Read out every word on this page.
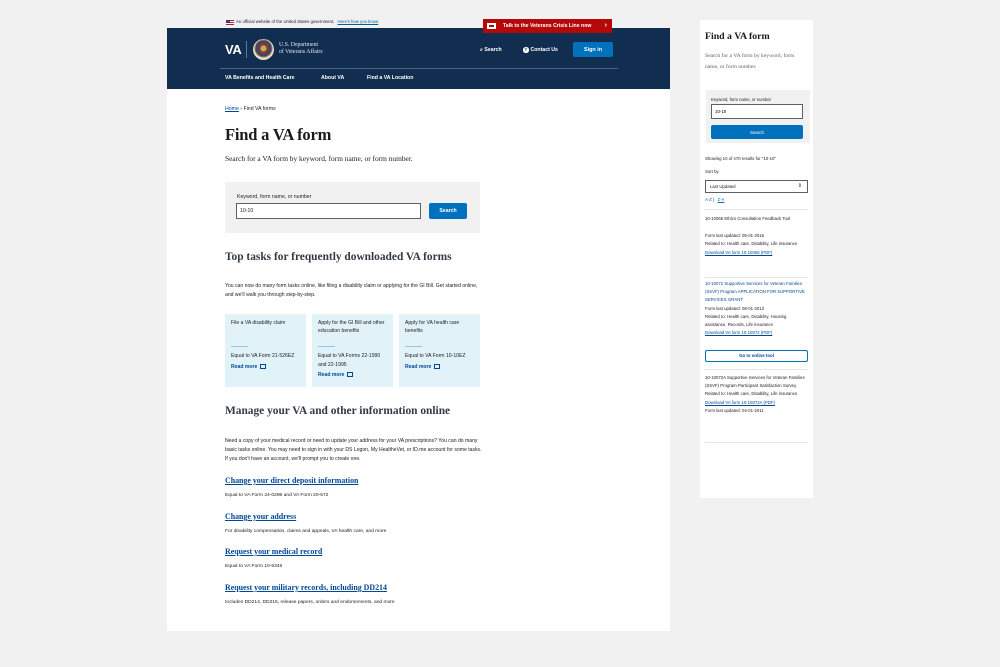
An official website of the United States government. Here's how you know
Talk to the Veterans Crisis Line now ›
VA	U.S. Department
of Veterans Affairs	⌕ Search	? Contact Us	Sign in
VA Benefits and Health Care	About VA	Find a VA Location
Home › Find VA forms
Find a VA form
Search for a VA form by keyword, form name, or form number.
Keyword, form name, or number
10-10
Search
Top tasks for frequently downloaded VA forms
You can now do many form tasks online, like filing a disability claim or applying for the GI Bill. Get started online, and we'll walk you through step-by-step.
File a VA disability claim
Equal to VA Form 21-526EZ
Read more
Apply for the GI Bill and other education benefits
Equal to VA Forms 22-1990 and 22-1995
Read more
Apply for VA health care benefits
Equal to VA Form 10-10EZ
Read more
Manage your VA and other information online
Need a copy of your medical record or need to update your address for your VA prescriptions? You can do many basic tasks online. You may need to sign in with your DS Logon, My HealtheVet, or ID.me account for some tasks. If you don't have an account, we'll prompt you to create one.
Change your direct deposit information
Equal to VA Form 24-0296 and VA Form 20-572
Change your address
For disability compensation, claims and appeals, VA health care, and more
Request your medical record
Equal to VA Form 10-5345
Request your military records, including DD214
Includes DD214, DD215, release papers, orders and endorsements, and more
Find a VA form
Search for a VA form by keyword, form name, or form number.
Keyword, form name, or number
10-10
Search
Showing 10 of 470 results for "10-10"
Sort by
Last Updated	⇕
A-Z | Z-A
10-10065 Ethics Consultation Feedback Tool
Form last updated: 05-01-2016
Related to: Health care, Disability, Life insurance
Download VA form 10-10065 (PDF)
10-10072 Supportive Services for Veteran Families (SSVF) Program APPLICATION FOR SUPPORTIVE SERVICES GRANT
Form last updated: 08-01-2013
Related to: Health care, Disability, Housing assistance, Records, Life insurance
Download VA form 10-10072 (PDF)
Go to online tool
10-10072A Supportive Services for Veteran Families (SSVF) Program Participant Satisfaction Survey
Related to: Health care, Disability, Life insurance
Download VA form 10-10072A (PDF)
Form last updated: 04-01-2011
